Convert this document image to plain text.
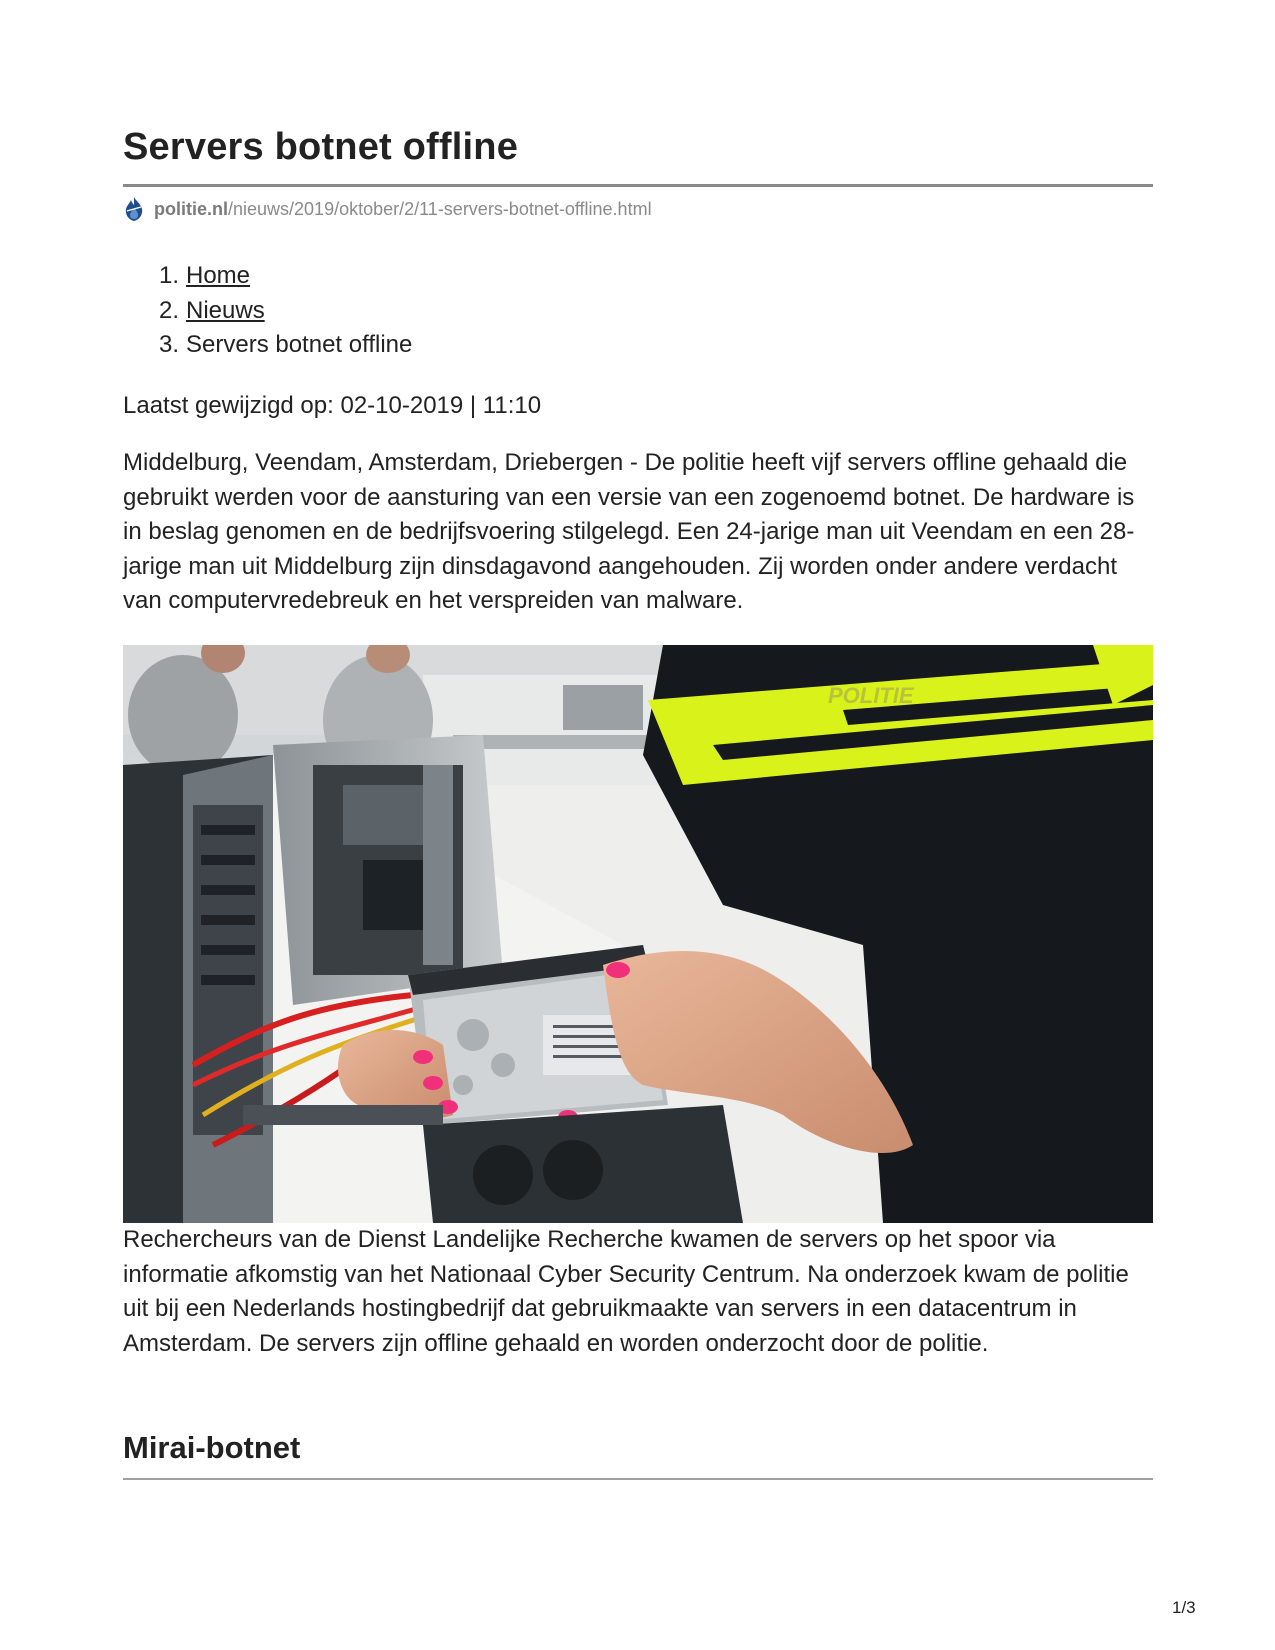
Servers botnet offline
politie.nl /nieuws/2019/oktober/2/11-servers-botnet-offline.html
1. Home
2. Nieuws
3. Servers botnet offline
Laatst gewijzigd op: 02-10-2019 | 11:10

Middelburg, Veendam, Amsterdam, Driebergen - De politie heeft vijf servers offline gehaald die gebruikt werden voor de aansturing van een versie van een zogenoemd botnet. De hardware is in beslag genomen en de bedrijfsvoering stilgelegd. Een 24-jarige man uit Veendam en een 28-jarige man uit Middelburg zijn dinsdagavond aangehouden. Zij worden onder andere verdacht van computervredebreuk en het verspreiden van malware.

POLITIE

Rechercheurs van de Dienst Landelijke Recherche kwamen de servers op het spoor via informatie afkomstig van het Nationaal Cyber Security Centrum. Na onderzoek kwam de politie uit bij een Nederlands hostingbedrijf dat gebruikmaakte van servers in een datacentrum in Amsterdam. De servers zijn offline gehaald en worden onderzocht door de politie.

Mirai-botnet
1/3
